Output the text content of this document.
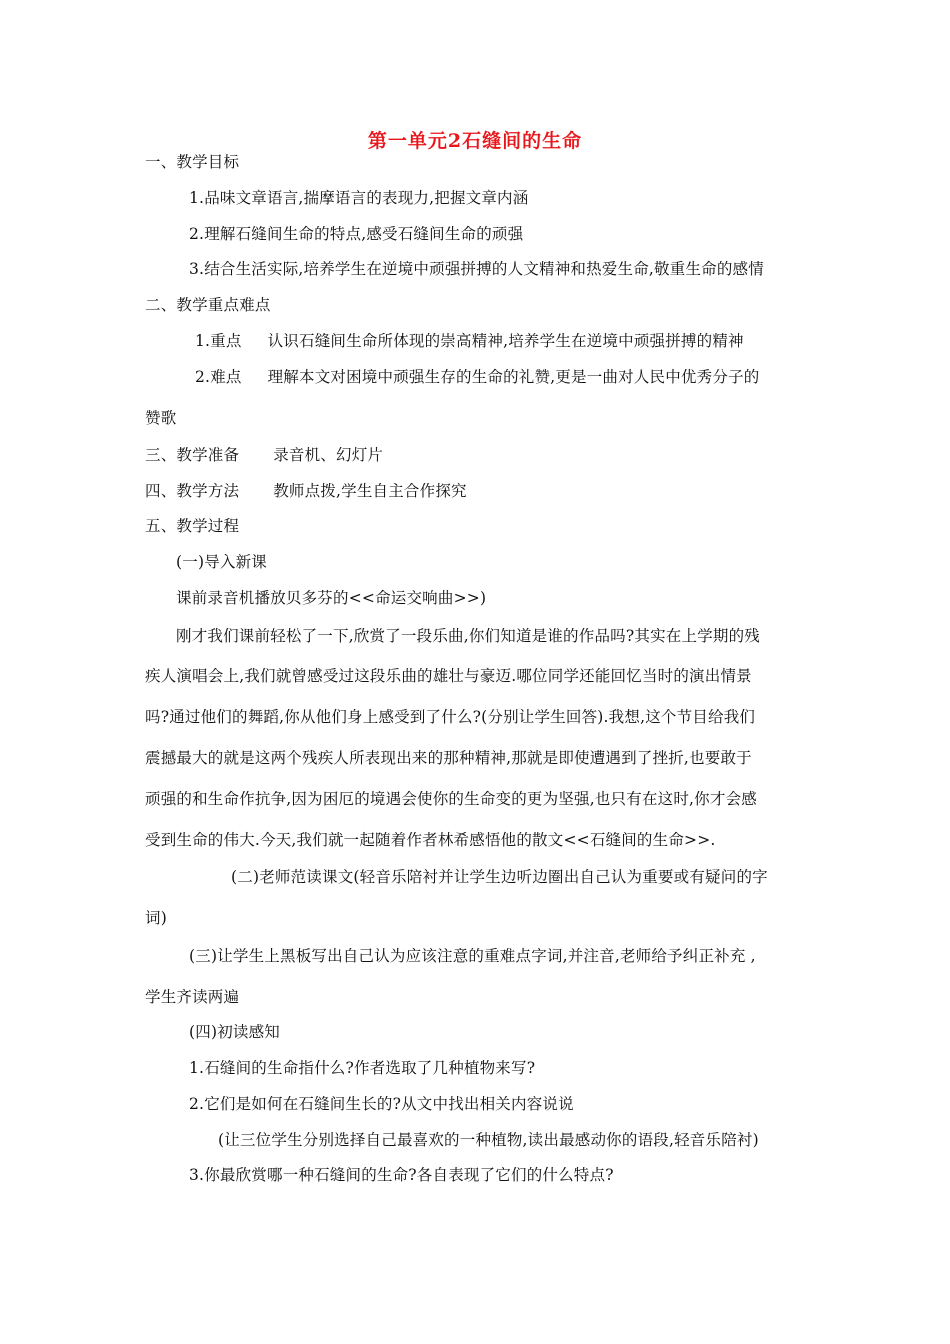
第一单元2石缝间的生命
一、教学目标
1.品味文章语言,揣摩语言的表现力,把握文章内涵
2.理解石缝间生命的特点,感受石缝间生命的顽强
3.结合生活实际,培养学生在逆境中顽强拼搏的人文精神和热爱生命,敬重生命的感情
二、教学重点难点
1.重点 认识石缝间生命所体现的崇高精神,培养学生在逆境中顽强拼搏的精神
2.难点 理解本文对困境中顽强生存的生命的礼赞,更是一曲对人民中优秀分子的
赞歌
三、教学准备 录音机、幻灯片
四、教学方法 教师点拨,学生自主合作探究
五、教学过程
(一)导入新课
课前录音机播放贝多芬的<<命运交响曲>>)
刚才我们课前轻松了一下,欣赏了一段乐曲,你们知道是谁的作品吗?其实在上学期的残
疾人演唱会上,我们就曾感受过这段乐曲的雄壮与豪迈.哪位同学还能回忆当时的演出情景
吗?通过他们的舞蹈,你从他们身上感受到了什么?(分别让学生回答).我想,这个节目给我们
震撼最大的就是这两个残疾人所表现出来的那种精神,那就是即使遭遇到了挫折,也要敢于
顽强的和生命作抗争,因为困厄的境遇会使你的生命变的更为坚强,也只有在这时,你才会感
受到生命的伟大.今天,我们就一起随着作者林希感悟他的散文<<石缝间的生命>>.
(二)老师范读课文(轻音乐陪衬并让学生边听边圈出自己认为重要或有疑问的字
词)
(三)让学生上黑板写出自己认为应该注意的重难点字词,并注音,老师给予纠正补充 ,
学生齐读两遍
(四)初读感知
1.石缝间的生命指什么?作者选取了几种植物来写?
2.它们是如何在石缝间生长的?从文中找出相关内容说说
(让三位学生分别选择自己最喜欢的一种植物,读出最感动你的语段,轻音乐陪衬)
3.你最欣赏哪一种石缝间的生命?各自表现了它们的什么特点?
